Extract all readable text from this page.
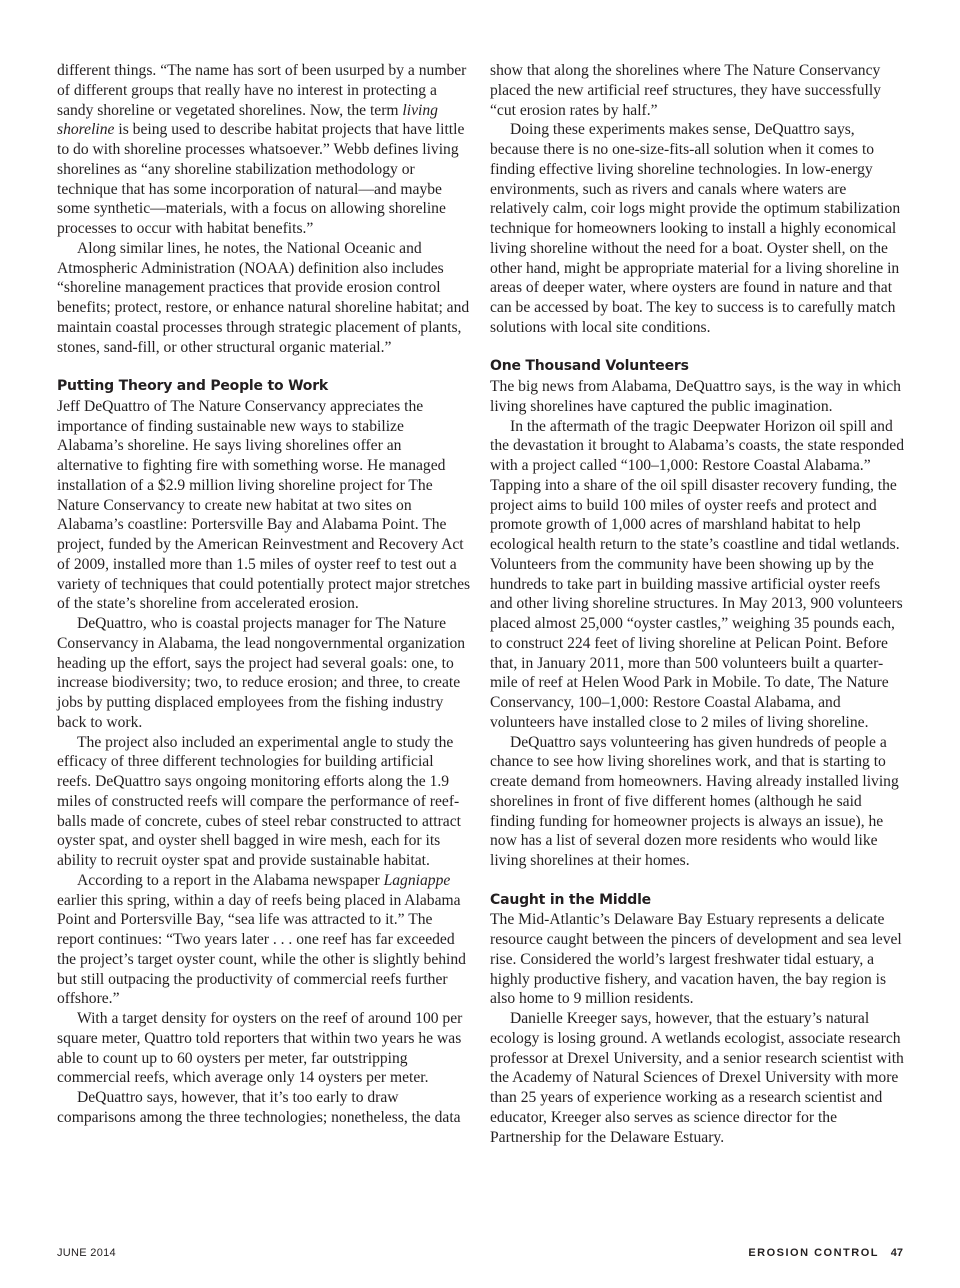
different things. “The name has sort of been usurped by a number of different groups that really have no interest in protecting a sandy shoreline or vegetated shorelines. Now, the term living shoreline is being used to describe habitat projects that have little to do with shoreline processes whatsoever.” Webb defines living shorelines as “any shoreline stabilization methodology or technique that has some incorporation of natural—and maybe some synthetic—materials, with a focus on allowing shoreline processes to occur with habitat benefits.”

Along similar lines, he notes, the National Oceanic and Atmospheric Administration (NOAA) definition also includes “shoreline management practices that provide erosion control benefits; protect, restore, or enhance natural shoreline habitat; and maintain coastal processes through strategic placement of plants, stones, sand-fill, or other structural organic material.”

Putting Theory and People to Work

Jeff DeQuattro of The Nature Conservancy appreciates the importance of finding sustainable new ways to stabilize Alabama’s shoreline. He says living shorelines offer an alternative to fighting fire with something worse. He managed installation of a $2.9 million living shoreline project for The Nature Conservancy to create new habitat at two sites on Alabama’s coastline: Portersville Bay and Alabama Point. The project, funded by the American Reinvestment and Recovery Act of 2009, installed more than 1.5 miles of oyster reef to test out a variety of techniques that could potentially protect major stretches of the state’s shoreline from accelerated erosion.

DeQuattro, who is coastal projects manager for The Nature Conservancy in Alabama, the lead nongovernmental organization heading up the effort, says the project had several goals: one, to increase biodiversity; two, to reduce erosion; and three, to create jobs by putting displaced employees from the fishing industry back to work.

The project also included an experimental angle to study the efficacy of three different technologies for building artificial reefs. DeQuattro says ongoing monitoring efforts along the 1.9 miles of constructed reefs will compare the performance of reef-balls made of concrete, cubes of steel rebar constructed to attract oyster spat, and oyster shell bagged in wire mesh, each for its ability to recruit oyster spat and provide sustainable habitat.

According to a report in the Alabama newspaper Lagniappe earlier this spring, within a day of reefs being placed in Alabama Point and Portersville Bay, “sea life was attracted to it.” The report continues: “Two years later . . . one reef has far exceeded the project’s target oyster count, while the other is slightly behind but still outpacing the productivity of commercial reefs further offshore.”

With a target density for oysters on the reef of around 100 per square meter, Quattro told reporters that within two years he was able to count up to 60 oysters per meter, far outstripping commercial reefs, which average only 14 oysters per meter.

DeQuattro says, however, that it’s too early to draw comparisons among the three technologies; nonetheless, the data

show that along the shorelines where The Nature Conservancy placed the new artificial reef structures, they have successfully “cut erosion rates by half.”

Doing these experiments makes sense, DeQuattro says, because there is no one-size-fits-all solution when it comes to finding effective living shoreline technologies. In low-energy environments, such as rivers and canals where waters are relatively calm, coir logs might provide the optimum stabilization technique for homeowners looking to install a highly economical living shoreline without the need for a boat. Oyster shell, on the other hand, might be appropriate material for a living shoreline in areas of deeper water, where oysters are found in nature and that can be accessed by boat. The key to success is to carefully match solutions with local site conditions.

One Thousand Volunteers

The big news from Alabama, DeQuattro says, is the way in which living shorelines have captured the public imagination.

In the aftermath of the tragic Deepwater Horizon oil spill and the devastation it brought to Alabama’s coasts, the state responded with a project called “100–1,000: Restore Coastal Alabama.” Tapping into a share of the oil spill disaster recovery funding, the project aims to build 100 miles of oyster reefs and protect and promote growth of 1,000 acres of marshland habitat to help ecological health return to the state’s coastline and tidal wetlands. Volunteers from the community have been showing up by the hundreds to take part in building massive artificial oyster reefs and other living shoreline structures. In May 2013, 900 volunteers placed almost 25,000 “oyster castles,” weighing 35 pounds each, to construct 224 feet of living shoreline at Pelican Point. Before that, in January 2011, more than 500 volunteers built a quarter-mile of reef at Helen Wood Park in Mobile. To date, The Nature Conservancy, 100–1,000: Restore Coastal Alabama, and volunteers have installed close to 2 miles of living shoreline.

DeQuattro says volunteering has given hundreds of people a chance to see how living shorelines work, and that is starting to create demand from homeowners. Having already installed living shorelines in front of five different homes (although he said finding funding for homeowner projects is always an issue), he now has a list of several dozen more residents who would like living shorelines at their homes.

Caught in the Middle

The Mid-Atlantic’s Delaware Bay Estuary represents a delicate resource caught between the pincers of development and sea level rise. Considered the world’s largest freshwater tidal estuary, a highly productive fishery, and vacation haven, the bay region is also home to 9 million residents.

Danielle Kreeger says, however, that the estuary’s natural ecology is losing ground. A wetlands ecologist, associate research professor at Drexel University, and a senior research scientist with the Academy of Natural Sciences of Drexel University with more than 25 years of experience working as a research scientist and educator, Kreeger also serves as science director for the Partnership for the Delaware Estuary.

JUNE 2014	EROSION CONTROL 47
